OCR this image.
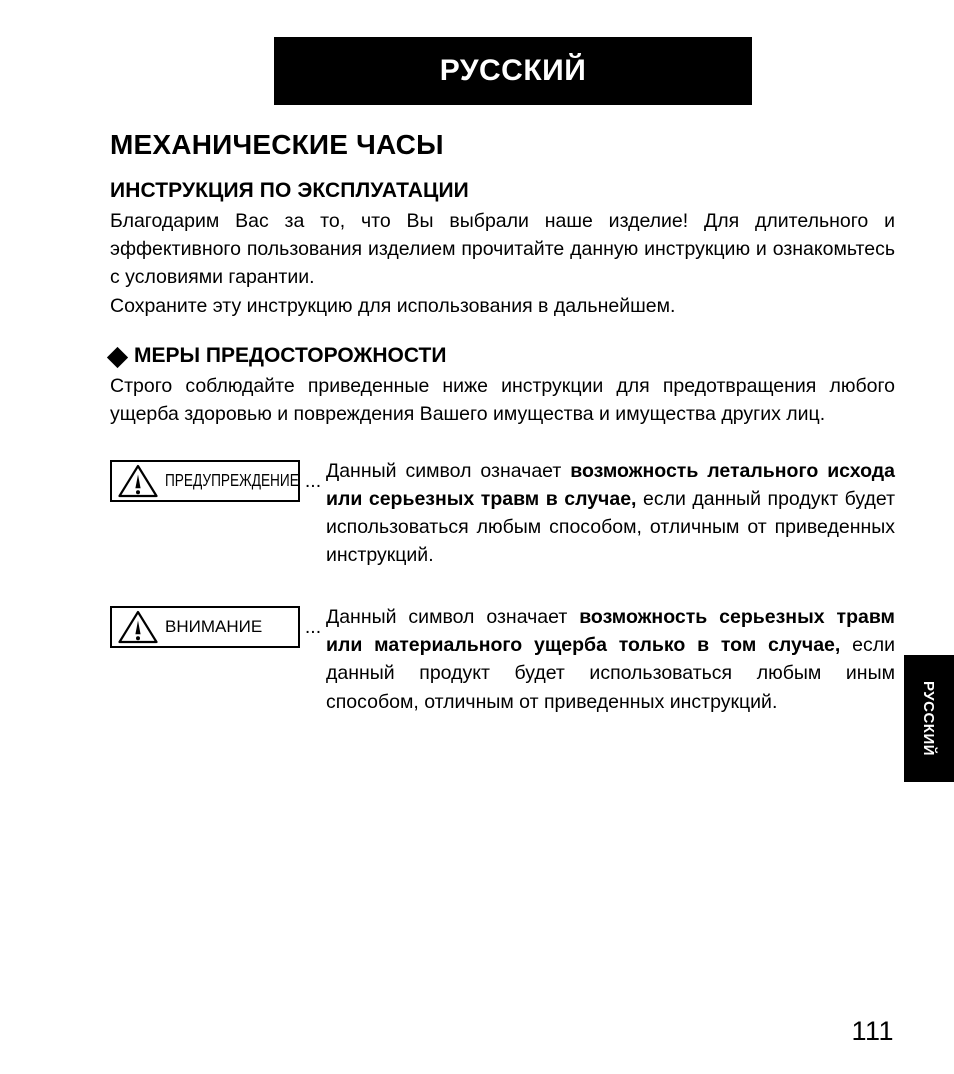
РУССКИЙ
МЕХАНИЧЕСКИЕ ЧАСЫ
ИНСТРУКЦИЯ ПО ЭКСПЛУАТАЦИИ

Благодарим Вас за то, что Вы выбрали наше изделие! Для длительного и эффективного пользования изделием прочитайте данную инструкцию и ознакомьтесь с условиями гарантии.

Сохраните эту инструкцию для использования в дальнейшем.

МЕРЫ ПРЕДОСТОРОЖНОСТИ

Строго соблюдайте приведенные ниже инструкции для предотвращения любого ущерба здоровью и повреждения Вашего имущества и имущества других лиц.

ПРЕДУПРЕЖДЕНИЕ ... Данный символ означает возможность летального исхода или серьезных травм в случае, если данный продукт будет использоваться любым способом, отличным от приведенных инструкций.
ВНИМАНИЕ ... Данный символ означает возможность серьезных травм или материального ущерба только в том случае, если данный продукт будет использоваться любым иным способом, отличным от приведенных инструкций.	РУССКИЙ
111
